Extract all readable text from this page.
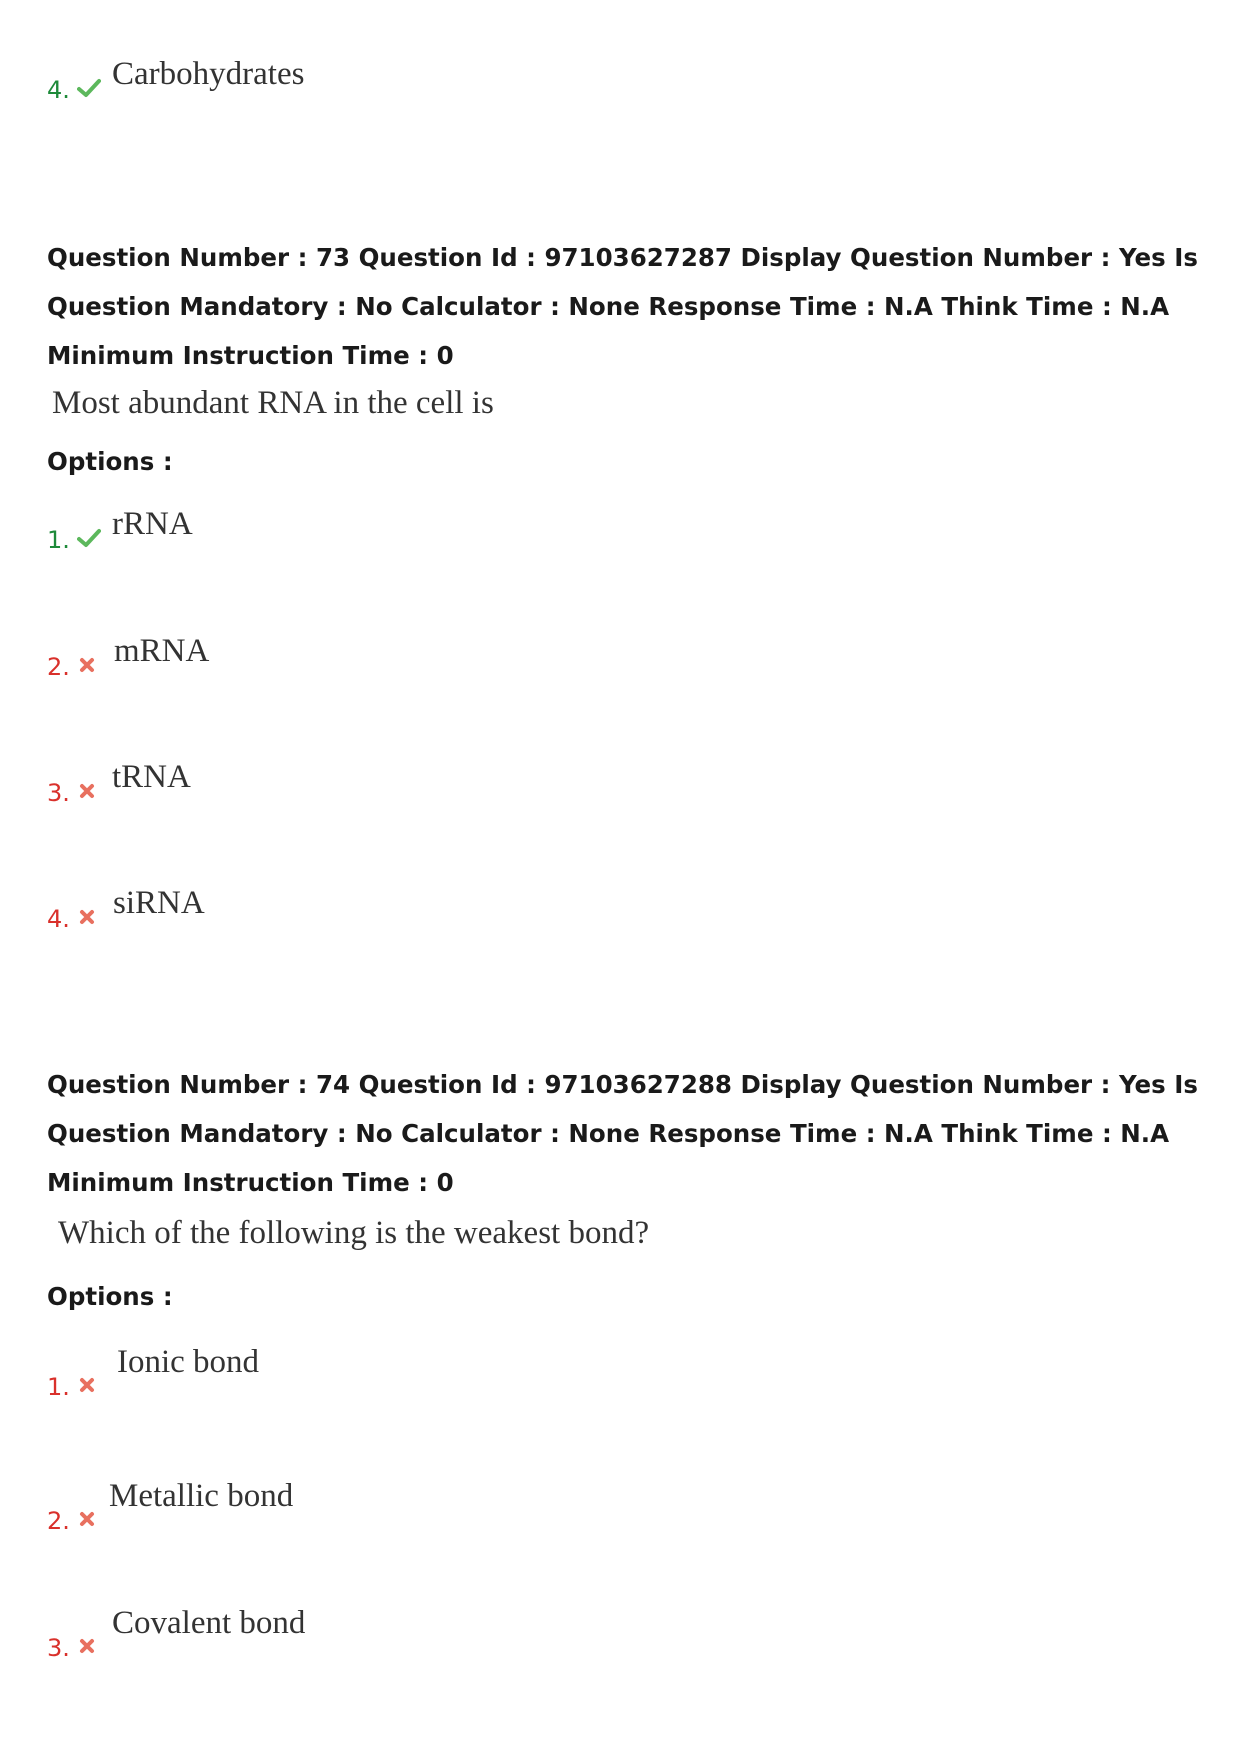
4. Carbohydrates

Question Number : 73 Question Id : 97103627287 Display Question Number : Yes Is Question Mandatory : No Calculator : None Response Time : N.A Think Time : N.A Minimum Instruction Time : 0

Most abundant RNA in the cell is

Options :

1. rRNA
2. mRNA
3. tRNA
4. siRNA

Question Number : 74 Question Id : 97103627288 Display Question Number : Yes Is Question Mandatory : No Calculator : None Response Time : N.A Think Time : N.A Minimum Instruction Time : 0

Which of the following is the weakest bond?

Options :

1.
Ionic bond
2.
Metallic bond
3.
Covalent bond
